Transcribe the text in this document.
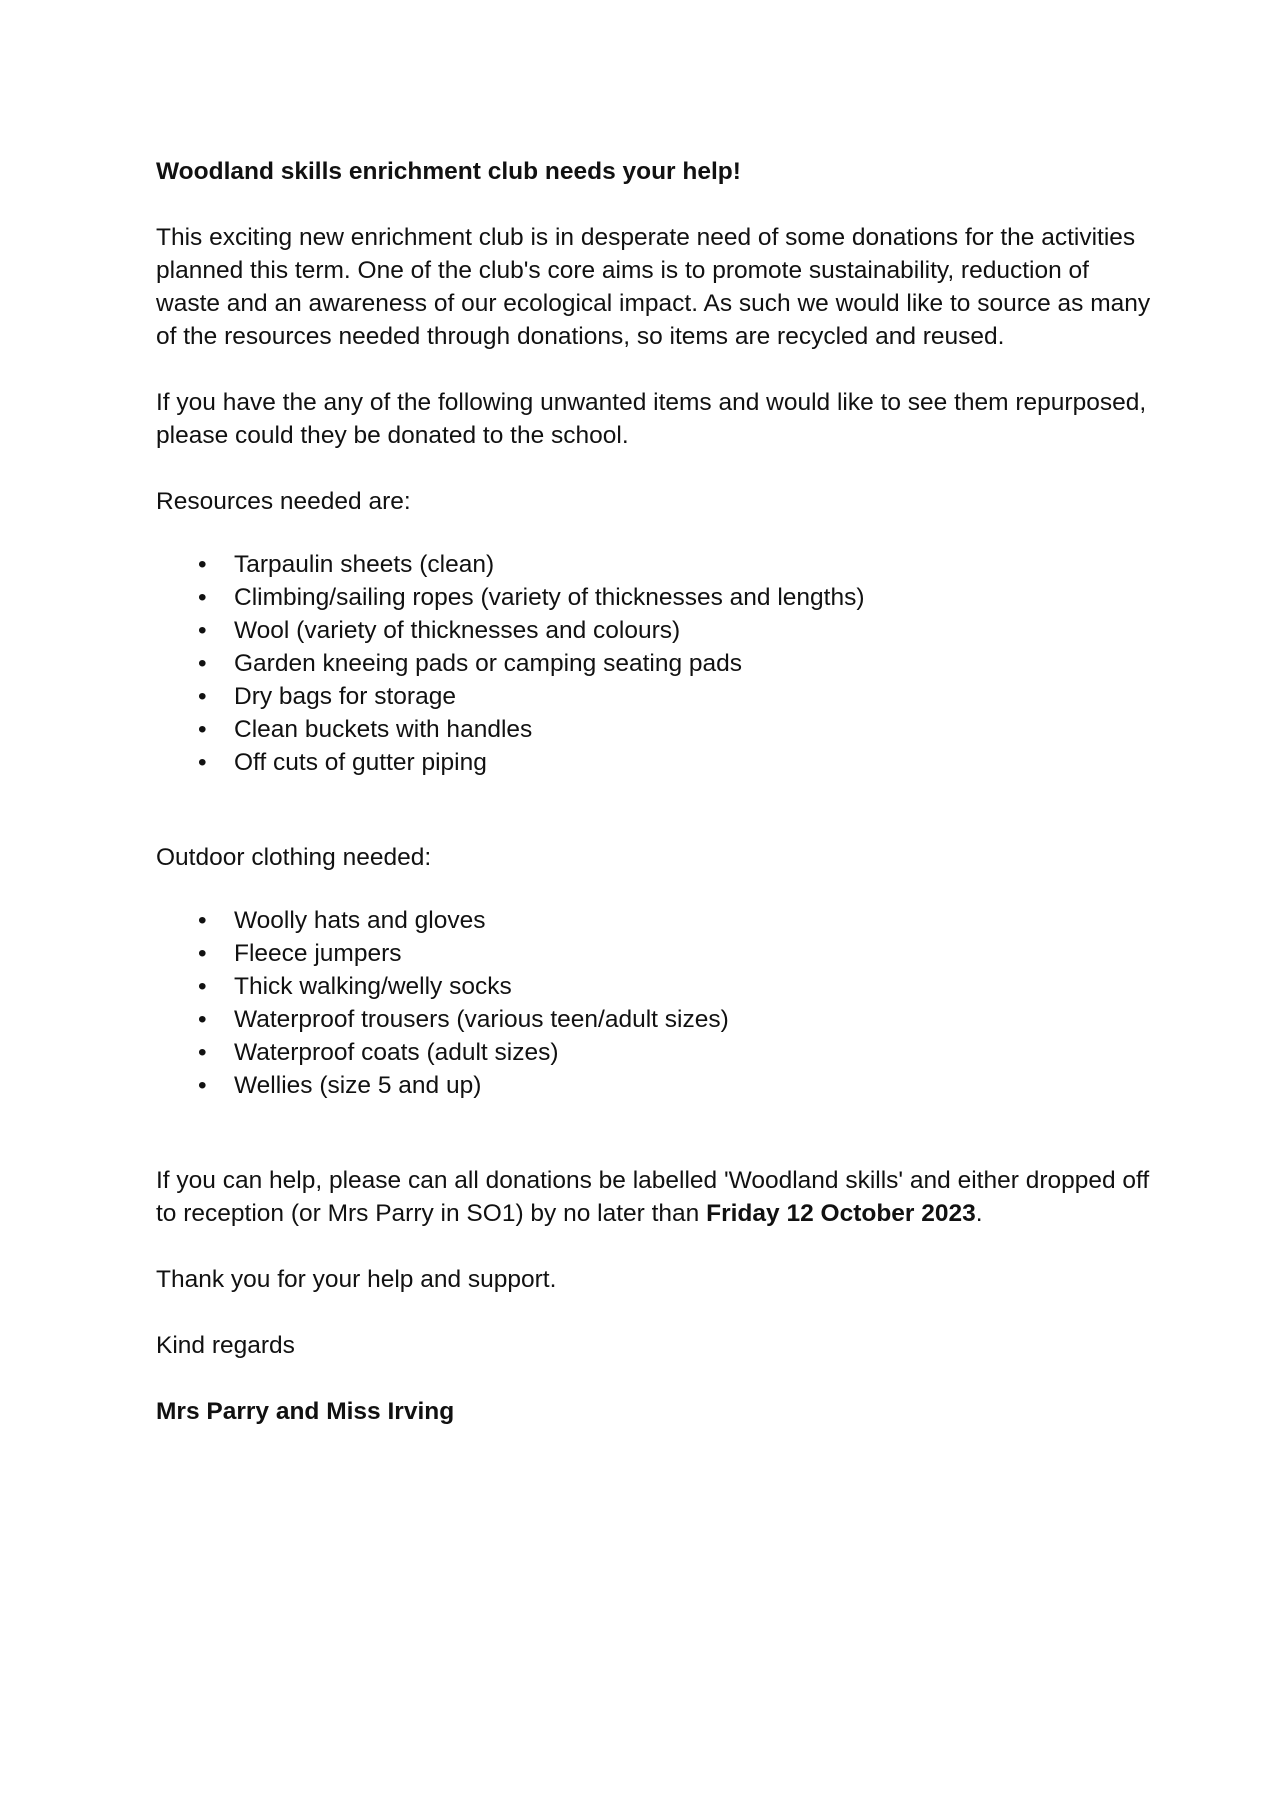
Woodland skills enrichment club needs your help!

This exciting new enrichment club is in desperate need of some donations for the activities planned this term. One of the club's core aims is to promote sustainability, reduction of waste and an awareness of our ecological impact. As such we would like to source as many of the resources needed through donations, so items are recycled and reused.

If you have the any of the following unwanted items and would like to see them repurposed, please could they be donated to the school.

Resources needed are:

• Tarpaulin sheets (clean)
• Climbing/sailing ropes (variety of thicknesses and lengths)
• Wool (variety of thicknesses and colours)
• Garden kneeing pads or camping seating pads
• Dry bags for storage
• Clean buckets with handles
• Off cuts of gutter piping

Outdoor clothing needed:

• Woolly hats and gloves
• Fleece jumpers
• Thick walking/welly socks
• Waterproof trousers (various teen/adult sizes)
• Waterproof coats (adult sizes)
• Wellies (size 5 and up)

If you can help, please can all donations be labelled 'Woodland skills' and either dropped off to reception (or Mrs Parry in SO1) by no later than Friday 12 October 2023.

Thank you for your help and support.

Kind regards

Mrs Parry and Miss Irving
